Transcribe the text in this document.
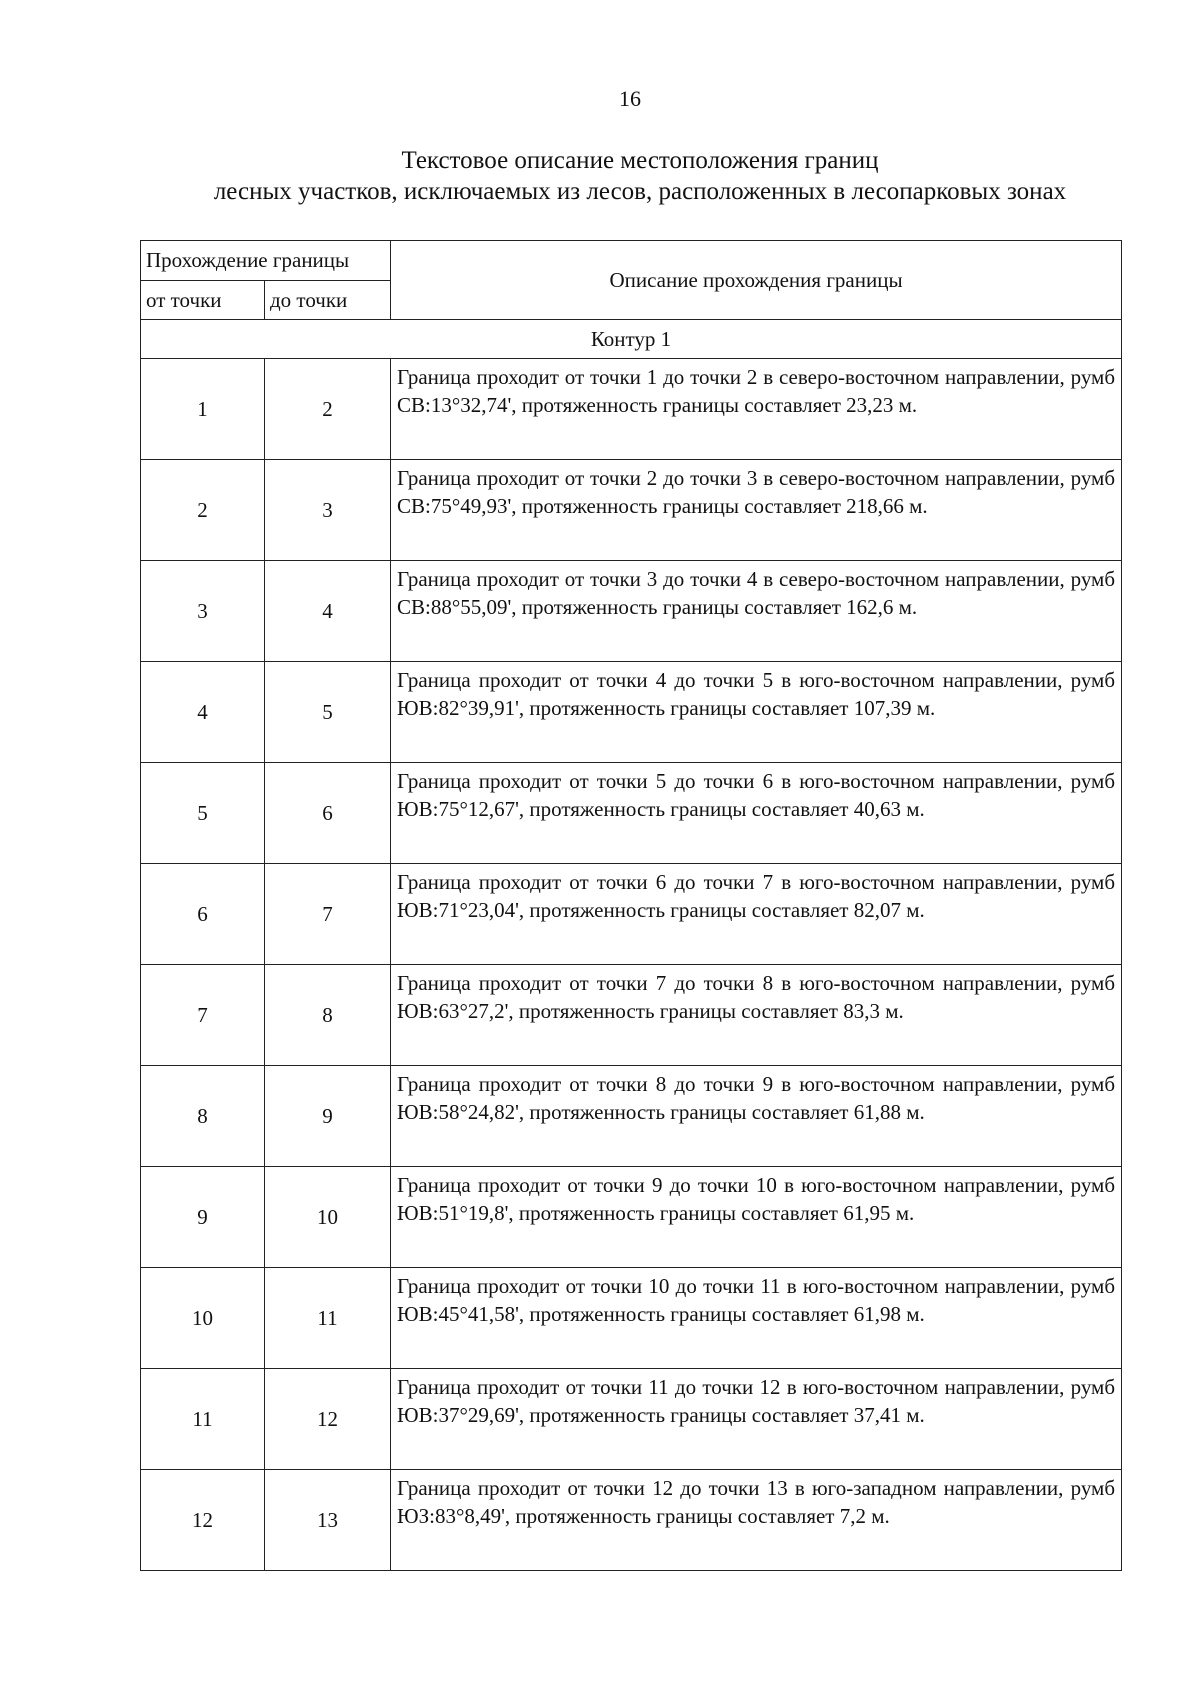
16
Текстовое описание местоположения границ
лесных участков, исключаемых из лесов, расположенных в лесопарковых зонах
Прохождение границы		Описание прохождения границы
от точки	до точки	
Контур 1		
1	2	Граница проходит от точки 1 до точки 2 в северо-восточном направлении, румб СВ:13°32,74', протяженность границы составляет 23,23 м.
2	3	Граница проходит от точки 2 до точки 3 в северо-восточном направлении, румб СВ:75°49,93', протяженность границы составляет 218,66 м.
3	4	Граница проходит от точки 3 до точки 4 в северо-восточном направлении, румб СВ:88°55,09', протяженность границы составляет 162,6 м.
4	5	Граница проходит от точки 4 до точки 5 в юго-восточном направлении, румб ЮВ:82°39,91', протяженность границы составляет 107,39 м.
5	6	Граница проходит от точки 5 до точки 6 в юго-восточном направлении, румб ЮВ:75°12,67', протяженность границы составляет 40,63 м.
6	7	Граница проходит от точки 6 до точки 7 в юго-восточном направлении, румб ЮВ:71°23,04', протяженность границы составляет 82,07 м.
7	8	Граница проходит от точки 7 до точки 8 в юго-восточном направлении, румб ЮВ:63°27,2', протяженность границы составляет 83,3 м.
8	9	Граница проходит от точки 8 до точки 9 в юго-восточном направлении, румб ЮВ:58°24,82', протяженность границы составляет 61,88 м.
9	10	Граница проходит от точки 9 до точки 10 в юго-восточном направлении, румб ЮВ:51°19,8', протяженность границы составляет 61,95 м.
10	11	Граница проходит от точки 10 до точки 11 в юго-восточном направлении, румб ЮВ:45°41,58', протяженность границы составляет 61,98 м.
11	12	Граница проходит от точки 11 до точки 12 в юго-восточном направлении, румб ЮВ:37°29,69', протяженность границы составляет 37,41 м.
12	13	Граница проходит от точки 12 до точки 13 в юго-западном направлении, румб ЮЗ:83°8,49', протяженность границы составляет 7,2 м.
